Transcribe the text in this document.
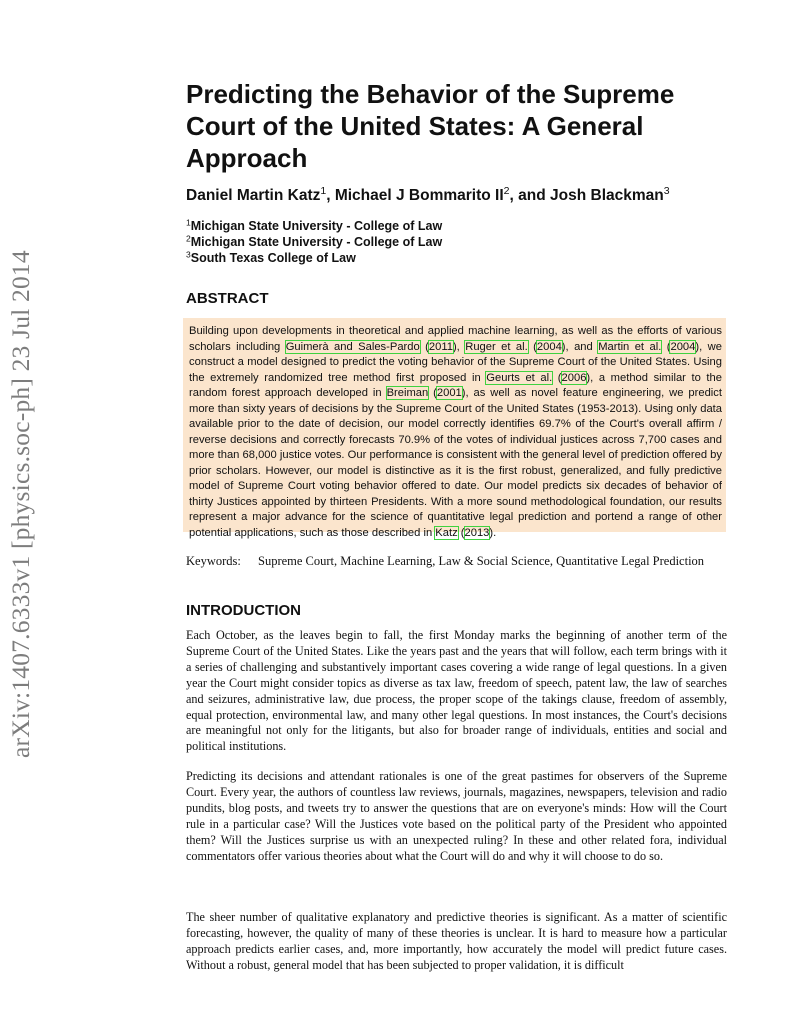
arXiv:1407.6333v1 [physics.soc-ph] 23 Jul 2014
Predicting the Behavior of the Supreme Court of the United States: A General Approach

Daniel Martin Katz$^1$, Michael J Bommarito $II^2$, and Josh Blackman$^3$

$^1$Michigan State University - College of Law
$^2$Michigan State University - College of Law
$^3$South Texas College of Law
ABSTRACT

Building upon developments in theoretical and applied machine learning, as well as the efforts of various scholars including Guimerà and Sales-Pardo (2011), Ruger et al. (2004), and Martin et al. (2004), we construct a model designed to predict the voting behavior of the Supreme Court of the United States. Using the extremely randomized tree method first proposed in Geurts et al. (2006), a method similar to the random forest approach developed in Breiman (2001), as well as novel feature engineering, we predict more than sixty years of decisions by the Supreme Court of the United States (1953-2013). Using only data available prior to the date of decision, our model correctly identifies 69.7% of the Court's overall affirm / reverse decisions and correctly forecasts 70.9% of the votes of individual justices across 7,700 cases and more than 68,000 justice votes. Our performance is consistent with the general level of prediction offered by prior scholars. However, our model is distinctive as it is the first robust, generalized, and fully predictive model of Supreme Court voting behavior offered to date. Our model predicts six decades of behavior of thirty Justices appointed by thirteen Presidents. With a more sound methodological foundation, our results represent a major advance for the science of quantitative legal prediction and portend a range of other potential applications, such as those described in Katz (2013).

Keywords: Supreme Court, Machine Learning, Law & Social Science, Quantitative Legal Prediction

INTRODUCTION

Each October, as the leaves begin to fall, the first Monday marks the beginning of another term of the Supreme Court of the United States. Like the years past and the years that will follow, each term brings with it a series of challenging and substantively important cases covering a wide range of legal questions. In a given year the Court might consider topics as diverse as tax law, freedom of speech, patent law, the law of searches and seizures, administrative law, due process, the proper scope of the takings clause, freedom of assembly, equal protection, environmental law, and many other legal questions. In most instances, the Court's decisions are meaningful not only for the litigants, but also for broader range of individuals, entities and social and political institutions.

Predicting its decisions and attendant rationales is one of the great pastimes for observers of the Supreme Court. Every year, the authors of countless law reviews, journals, magazines, newspapers, television and radio pundits, blog posts, and tweets try to answer the questions that are on everyone's minds: How will the Court rule in a particular case? Will the Justices vote based on the political party of the President who appointed them? Will the Justices surprise us with an unexpected ruling? In these and other related fora, individual commentators offer various theories about what the Court will do and why it will choose to do so.

The sheer number of qualitative explanatory and predictive theories is significant. As a matter of scientific forecasting, however, the quality of many of these theories is unclear. It is hard to measure how a particular approach predicts earlier cases, and, more importantly, how accurately the model will predict future cases. Without a robust, general model that has been subjected to proper validation, it is difficult
